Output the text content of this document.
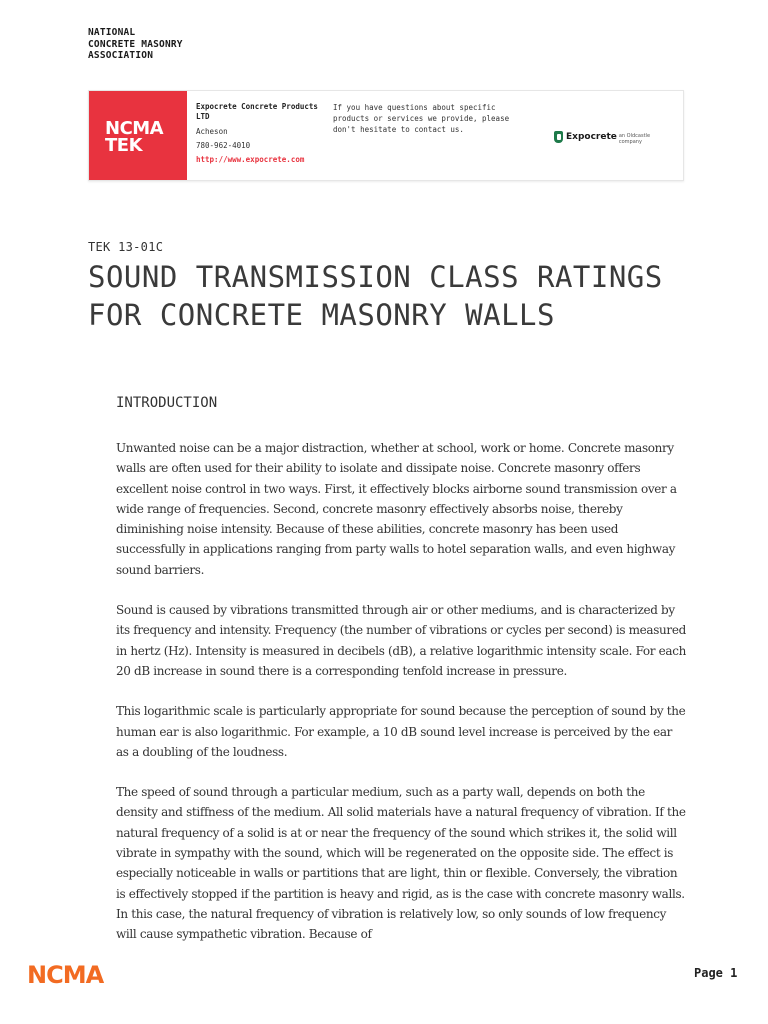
NATIONAL
CONCRETE MASONRY
ASSOCIATION
NCMA
TEK
Expocrete Concrete Products LTD
Acheson
780-962-4010
http://www.expocrete.com
If you have questions about specific products or services we provide, please don't hesitate to contact us.
Expocrete an Oldcastle company
TEK 13-01C
SOUND TRANSMISSION CLASS RATINGS FOR CONCRETE MASONRY WALLS
INTRODUCTION

Unwanted noise can be a major distraction, whether at school, work or home. Concrete masonry walls are often used for their ability to isolate and dissipate noise. Concrete masonry offers excellent noise control in two ways. First, it effectively blocks airborne sound transmission over a wide range of frequencies. Second, concrete masonry effectively absorbs noise, thereby diminishing noise intensity. Because of these abilities, concrete masonry has been used successfully in applications ranging from party walls to hotel separation walls, and even highway sound barriers.

Sound is caused by vibrations transmitted through air or other mediums, and is characterized by its frequency and intensity. Frequency (the number of vibrations or cycles per second) is measured in hertz (Hz). Intensity is measured in decibels (dB), a relative logarithmic intensity scale. For each 20 dB increase in sound there is a corresponding tenfold increase in pressure.

This logarithmic scale is particularly appropriate for sound because the perception of sound by the human ear is also logarithmic. For example, a 10 dB sound level increase is perceived by the ear as a doubling of the loudness.

The speed of sound through a particular medium, such as a party wall, depends on both the density and stiffness of the medium. All solid materials have a natural frequency of vibration. If the natural frequency of a solid is at or near the frequency of the sound which strikes it, the solid will vibrate in sympathy with the sound, which will be regenerated on the opposite side. The effect is especially noticeable in walls or partitions that are light, thin or flexible. Conversely, the vibration is effectively stopped if the partition is heavy and rigid, as is the case with concrete masonry walls. In this case, the natural frequency of vibration is relatively low, so only sounds of low frequency will cause sympathetic vibration. Because of

NCMA	Page 1
